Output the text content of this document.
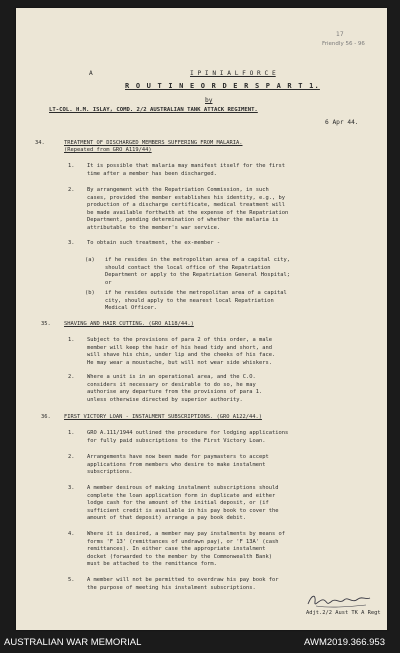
17
Friendly 56 - 96
A	I P I N I A L F O R C E
R O U T I N E O R D E R S P A R T 1.
by
LT-COL. H.M. ISLAY, COMD. 2/2 AUSTRALIAN TANK ATTACK REGIMENT.
6 Apr 44.
34.	TREATMENT OF DISCHARGED MEMBERS SUFFERING FROM MALARIA.
(Repeated from GRO A119/44)
1. It is possible that malaria may manifest itself for the first
time after a member has been discharged.
2. By arrangement with the Repatriation Commission, in such
cases, provided the member establishes his identity, e.g., by
production of a discharge certificate, medical treatment will
be made available forthwith at the expense of the Repatriation
Department, pending determination of whether the malaria is
attributable to the member's war service.
3. To obtain such treatment, the ex-member -
(a) if he resides in the metropolitan area of a capital city,
should contact the local office of the Repatriation
Department or apply to the Repatriation General Hospital;
or
(b) if he resides outside the metropolitan area of a capital
city, should apply to the nearest local Repatriation
Medical Officer.
35. SHAVING AND HAIR CUTTING. (GRO A118/44.)
1. Subject to the provisions of para 2 of this order, a male
member will keep the hair of his head tidy and short, and
will shave his chin, under lip and the cheeks of his face.
He may wear a moustache, but will not wear side whiskers.
2. Where a unit is in an operational area, and the C.O.
considers it necessary or desirable to do so, he may
authorise any departure from the provisions of para 1.
unless otherwise directed by superior authority.
36. FIRST VICTORY LOAN - INSTALMENT SUBSCRIPTIONS. (GRO A122/44.)
1. GRO A.111/1944 outlined the procedure for lodging applications
for fully paid subscriptions to the First Victory Loan.
2. Arrangements have now been made for paymasters to accept
applications from members who desire to make instalment
subscriptions.
3. A member desirous of making instalment subscriptions should
complete the loan application form in duplicate and either
lodge cash for the amount of the initial deposit, or (if
sufficient credit is available in his pay book to cover the
amount of that deposit) arrange a pay book debit.
4. Where it is desired, a member may pay instalments by means of
forms 'F 13' (remittances of undrawn pay), or 'F 13A' (cash
remittances). In either case the appropriate instalment
docket (forwarded to the member by the Commonwealth Bank)
must be attached to the remittance form.
5. A member will not be permitted to overdraw his pay book for
the purpose of meeting his instalment subscriptions.
Adjt.2/2 Aust TK A Regt
AUSTRALIAN WAR MEMORIAL	AWM2019.366.953
